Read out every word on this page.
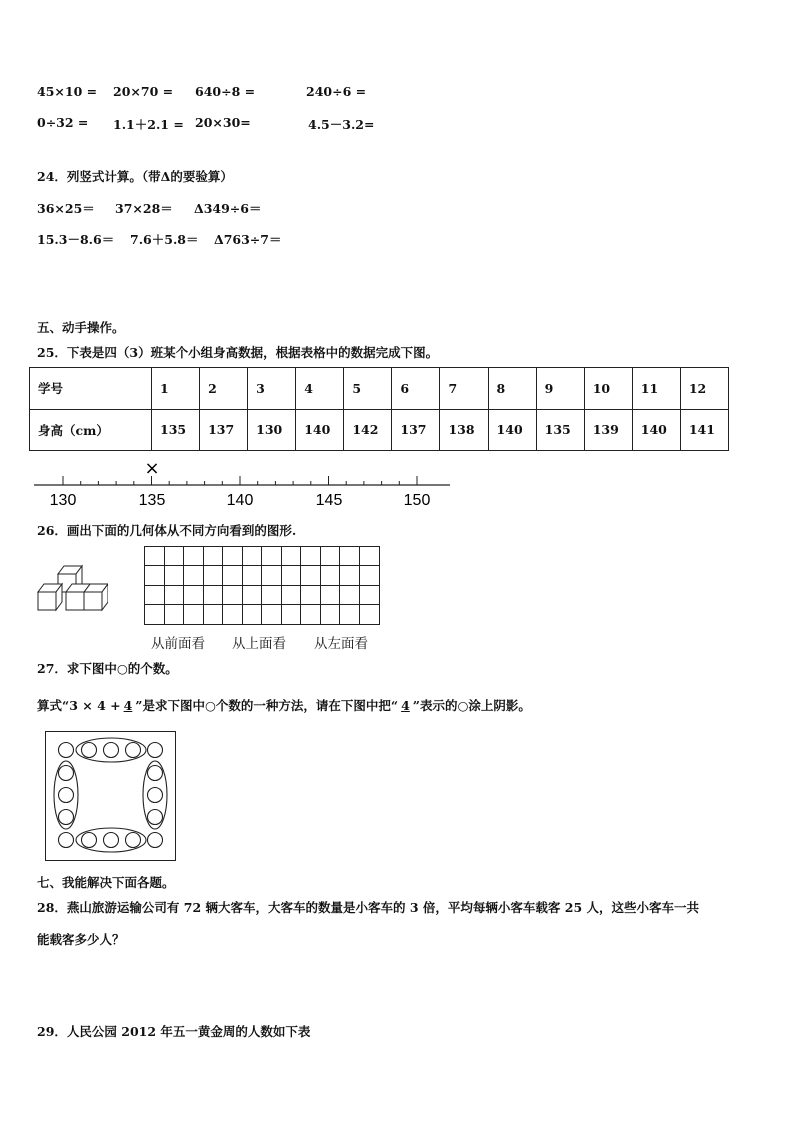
45×10 = 20×70 = 640÷8 =	240÷6 =
0÷32 = 1.1＋2.1 = 20×30=	4.5－3.2=
24．列竖式计算。（带Δ的要验算）
36×25＝ 37×28＝ Δ349÷6＝
15.3－8.6＝ 7.6＋5.8＝ Δ763÷7＝
五、动手操作。
25．下表是四（3）班某个小组身高数据，根据表格中的数据完成下图。
学号	1	2	3	4	5	6	7	8	9	10	11	12
身高（cm）	135	137	130	140	142	137	138	140	135	139	140	141
×
130	135	140	145	150
26．画出下面的几何体从不同方向看到的图形.
从前面看 从上面看 从左面看
27．求下图中○的个数。
算式“3 × 4 + 4 ”是求下图中○个数的一种方法，请在下图中把“ 4 ”表示的○涂上阴影。
七、我能解决下面各题。
28．燕山旅游运输公司有 72 辆大客车，大客车的数量是小客车的 3 倍，平均每辆小客车载客 25 人，这些小客车一共
能载客多少人？
29．人民公园 2012 年五一黄金周的人数如下表
